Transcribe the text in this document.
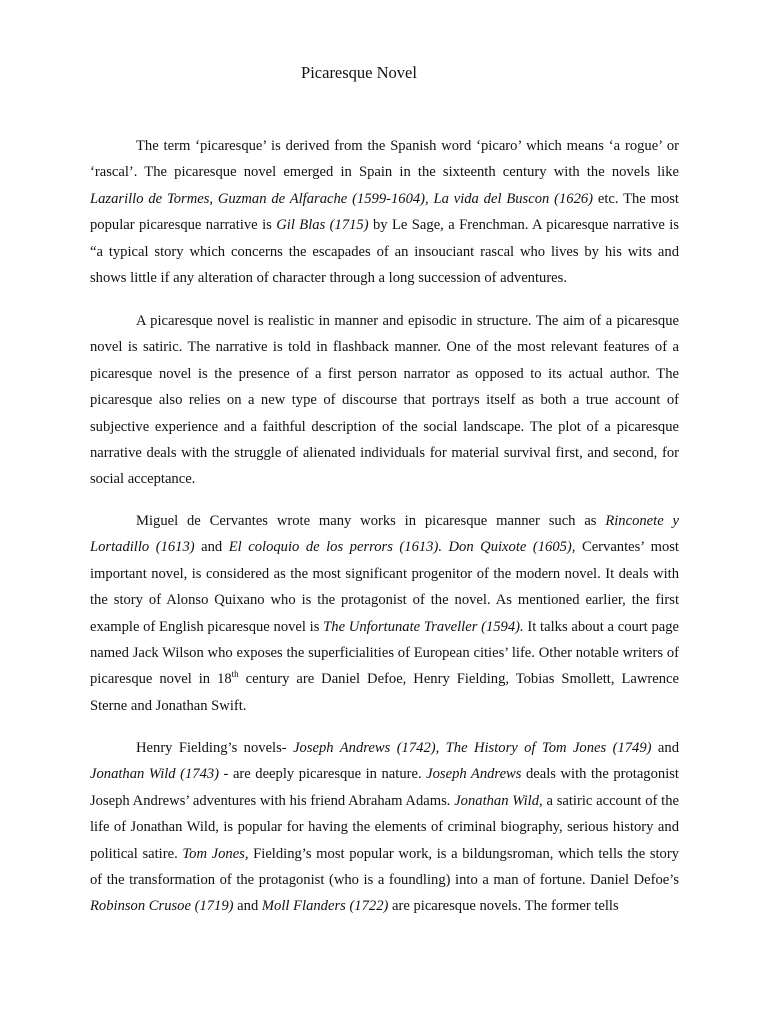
Picaresque Novel
The term ‘picaresque’ is derived from the Spanish word ‘picaro’ which means ‘a rogue’ or ‘rascal’. The picaresque novel emerged in Spain in the sixteenth century with the novels like Lazarillo de Tormes, Guzman de Alfarache (1599-1604), La vida del Buscon (1626) etc. The most popular picaresque narrative is Gil Blas (1715) by Le Sage, a Frenchman. A picaresque narrative is “a typical story which concerns the escapades of an insouciant rascal who lives by his wits and shows little if any alteration of character through a long succession of adventures.
A picaresque novel is realistic in manner and episodic in structure. The aim of a picaresque novel is satiric. The narrative is told in flashback manner. One of the most relevant features of a picaresque novel is the presence of a first person narrator as opposed to its actual author. The picaresque also relies on a new type of discourse that portrays itself as both a true account of subjective experience and a faithful description of the social landscape. The plot of a picaresque narrative deals with the struggle of alienated individuals for material survival first, and second, for social acceptance.
Miguel de Cervantes wrote many works in picaresque manner such as Rinconete y Lortadillo (1613) and El coloquio de los perrors (1613). Don Quixote (1605), Cervantes’ most important novel, is considered as the most significant progenitor of the modern novel. It deals with the story of Alonso Quixano who is the protagonist of the novel. As mentioned earlier, the first example of English picaresque novel is The Unfortunate Traveller (1594). It talks about a court page named Jack Wilson who exposes the superficialities of European cities’ life. Other notable writers of picaresque novel in 18th century are Daniel Defoe, Henry Fielding, Tobias Smollett, Lawrence Sterne and Jonathan Swift.
Henry Fielding’s novels- Joseph Andrews (1742), The History of Tom Jones (1749) and Jonathan Wild (1743) - are deeply picaresque in nature. Joseph Andrews deals with the protagonist Joseph Andrews’ adventures with his friend Abraham Adams. Jonathan Wild, a satiric account of the life of Jonathan Wild, is popular for having the elements of criminal biography, serious history and political satire. Tom Jones, Fielding’s most popular work, is a bildungsroman, which tells the story of the transformation of the protagonist (who is a foundling) into a man of fortune. Daniel Defoe’s Robinson Crusoe (1719) and Moll Flanders (1722) are picaresque novels. The former tells
